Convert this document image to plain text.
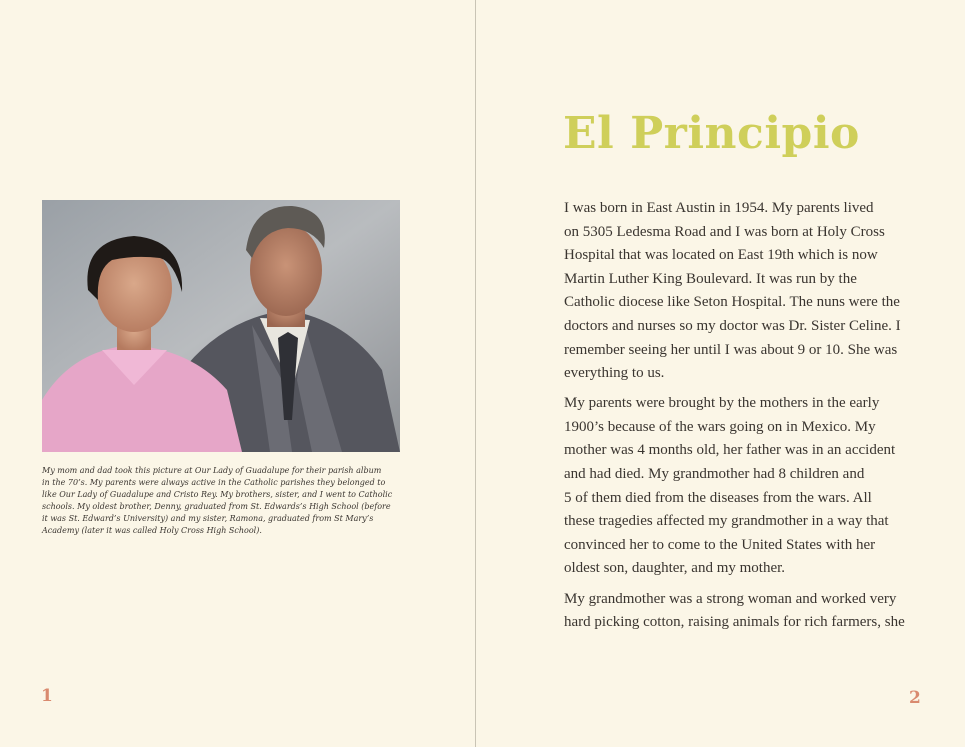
My mom and dad took this picture at Our Lady of Guadalupe for their parish album
in the 70’s. My parents were always active in the Catholic parishes they belonged to
like Our Lady of Guadalupe and Cristo Rey. My brothers, sister, and I went to Catholic
schools. My oldest brother, Denny, graduated from St. Edwards’s High School (before
it was St. Edward’s University) and my sister, Ramona, graduated from St Mary’s
Academy (later it was called Holy Cross High School).
1
El Principio

I was born in East Austin in 1954. My parents lived
on 5305 Ledesma Road and I was born at Holy Cross
Hospital that was located on East 19th which is now
Martin Luther King Boulevard. It was run by the
Catholic diocese like Seton Hospital. The nuns were the
doctors and nurses so my doctor was Dr. Sister Celine. I
remember seeing her until I was about 9 or 10. She was
everything to us.

My parents were brought by the mothers in the early
1900’s because of the wars going on in Mexico. My
mother was 4 months old, her father was in an accident
and had died. My grandmother had 8 children and
5 of them died from the diseases from the wars. All
these tragedies affected my grandmother in a way that
convinced her to come to the United States with her
oldest son, daughter, and my mother.

My grandmother was a strong woman and worked very
hard picking cotton, raising animals for rich farmers, she

2
